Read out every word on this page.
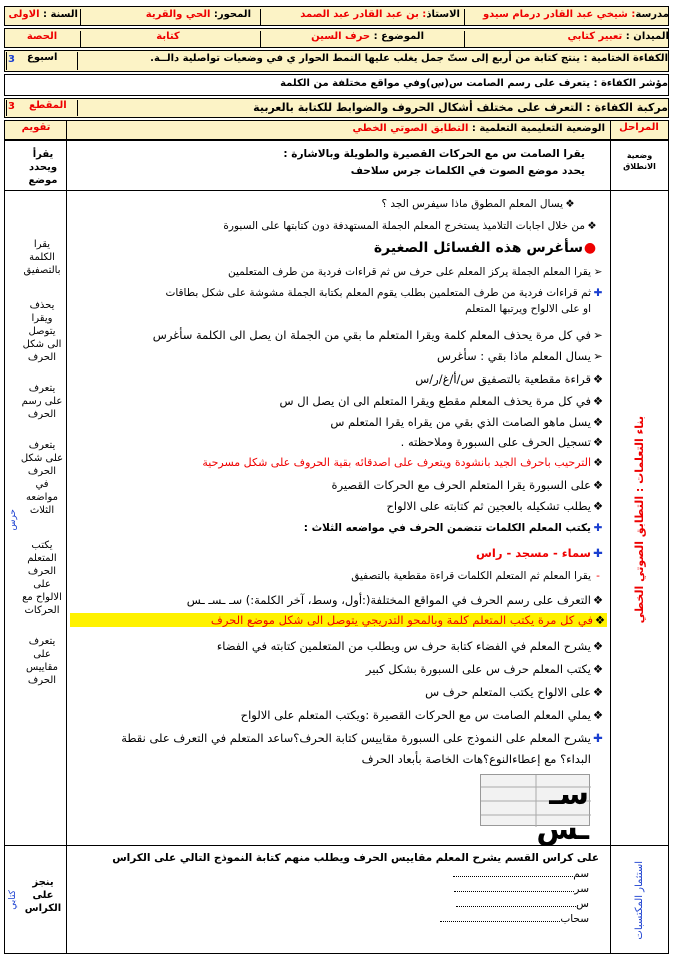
مدرسة: شيخي عبد القادر درمام سيدو
الاستاذ: بن عبد القادر عبد الصمد
المحور: الحي والقرية
السنة : الاولى
الميدان : تعبير كتابي
الموضوع : حرف السين
كتابة
الحصة
الكفاءة الختامية : ينتج كتابة من أربع إلى ستّ جمل يغلب عليها النمط الحوار ي في وضعيات تواصلية دالــة.
3 اسبوع
مؤشر الكفاءة : يتعرف على رسم الصامت س(ڛ)وفي مواقع مختلفة من الكلمة
مركبة الكفاءة : التعرف على مختلف أشكال الحروف والضوابط للكتابة بالعربية
3 المقطع
المراحل
الوضعية التعليمية التعلمية : التطابق الصوتي الخطي
تقويم
وضعية الانطلاق
يقرا الصامت س مع الحركات القصيرة والطويلة وبالاشارة :
يحدد موضع الصوت في الكلمات جرس سلاحف
يقرأ ويحدد موضع
بناء التعلمات : التطابق الصوتي الخطي
حرس
يقرا الكلمة بالتصفيق
يحذف ويقرا يتوصل الى شكل الحرف
يتعرف على رسم الحرف
يتعرف على شكل الحرف في مواضعه الثلاث
يكتب المتعلم الحرف على الالواح مع الحركات
يتعرف على مقاييس الحرف
❖يسال المعلم المطوق ماذا سيفرس الجد ؟
❖من خلال اجابات التلاميذ يستخرج المعلم الجملة المستهدفة دون كتابتها على السبورة
●سأغرس هذه الفسائل الصغيرة
➢يقرا المعلم الجملة يركز المعلم على حرف س ثم قراءات فردية من طرف المتعلمين
✚ثم قراءات فردية من طرف المتعلمين بطلب يقوم المعلم بكتابة الجملة مشوشة على شكل بطاقات
او على الالواح ويرتبها المتعلم
➢في كل مرة يحذف المعلم كلمة ويقرا المتعلم ما بقي من الجملة ان يصل الى الكلمة سأغرس
➢يسال المعلم ماذا بقي : سأغرس
❖قراءة مقطعية بالتصفيق س/أ/غ/ر/س
❖في كل مرة يحذف المعلم مقطع ويقرا المتعلم الى ان يصل ال س
❖يسل ماهو الصامت الذي بقي من يقراه يقرا المتعلم س
❖تسجيل الحرف على السبورة وملاحظته .
❖الترحيب باحرف الجيد بانشودة ويتعرف على اصدقائه بقية الحروف على شكل مسرحية
❖على السبورة يقرا المتعلم الحرف مع الحركات القصيرة
❖يطلب تشكيله بالعجين ثم كتابته على الالواح
✚يكتب المعلم الكلمات تتضمن الحرف في مواضعه الثلاث :
✚سماء - مسجد - راس
-يقرا المعلم ثم المتعلم الكلمات قراءة مقطعية بالتصفيق
❖التعرف على رسم الحرف في المواقع المختلفة(:أول، وسط، آخر الكلمة:) سـ ـسـ ـس
❖في كل مرة يكتب المتعلم كلمة وبالمحو التدريجي يتوصل الى شكل موضع الحرف
❖يشرح المعلم في الفضاء كتابة حرف س ويطلب من المتعلمين كتابته في الفضاء
❖يكتب المعلم حرف س على السبورة بشكل كبير
❖على الالواح يكتب المتعلم حرف س
❖يملي المعلم الصامت س مع الحركات القصيرة :ويكتب المتعلم على الالواح
✚يشرح المعلم على النموذج على السبورة مقاييس كتابة الحرف؟ساعد المتعلم في التعرف على نقطة
البداء؟ مع إعطاءالنوع؟هات الخاصة بأبعاد الحرف
سـ ـس
استثمار المكتسبات
كتابي
ينجز على الكراس
على كراس القسم يشرح المعلم مقاييس الحرف ويطلب منهم كتابة النموذج التالي على الكراس
سم
سر
س
سحاب
